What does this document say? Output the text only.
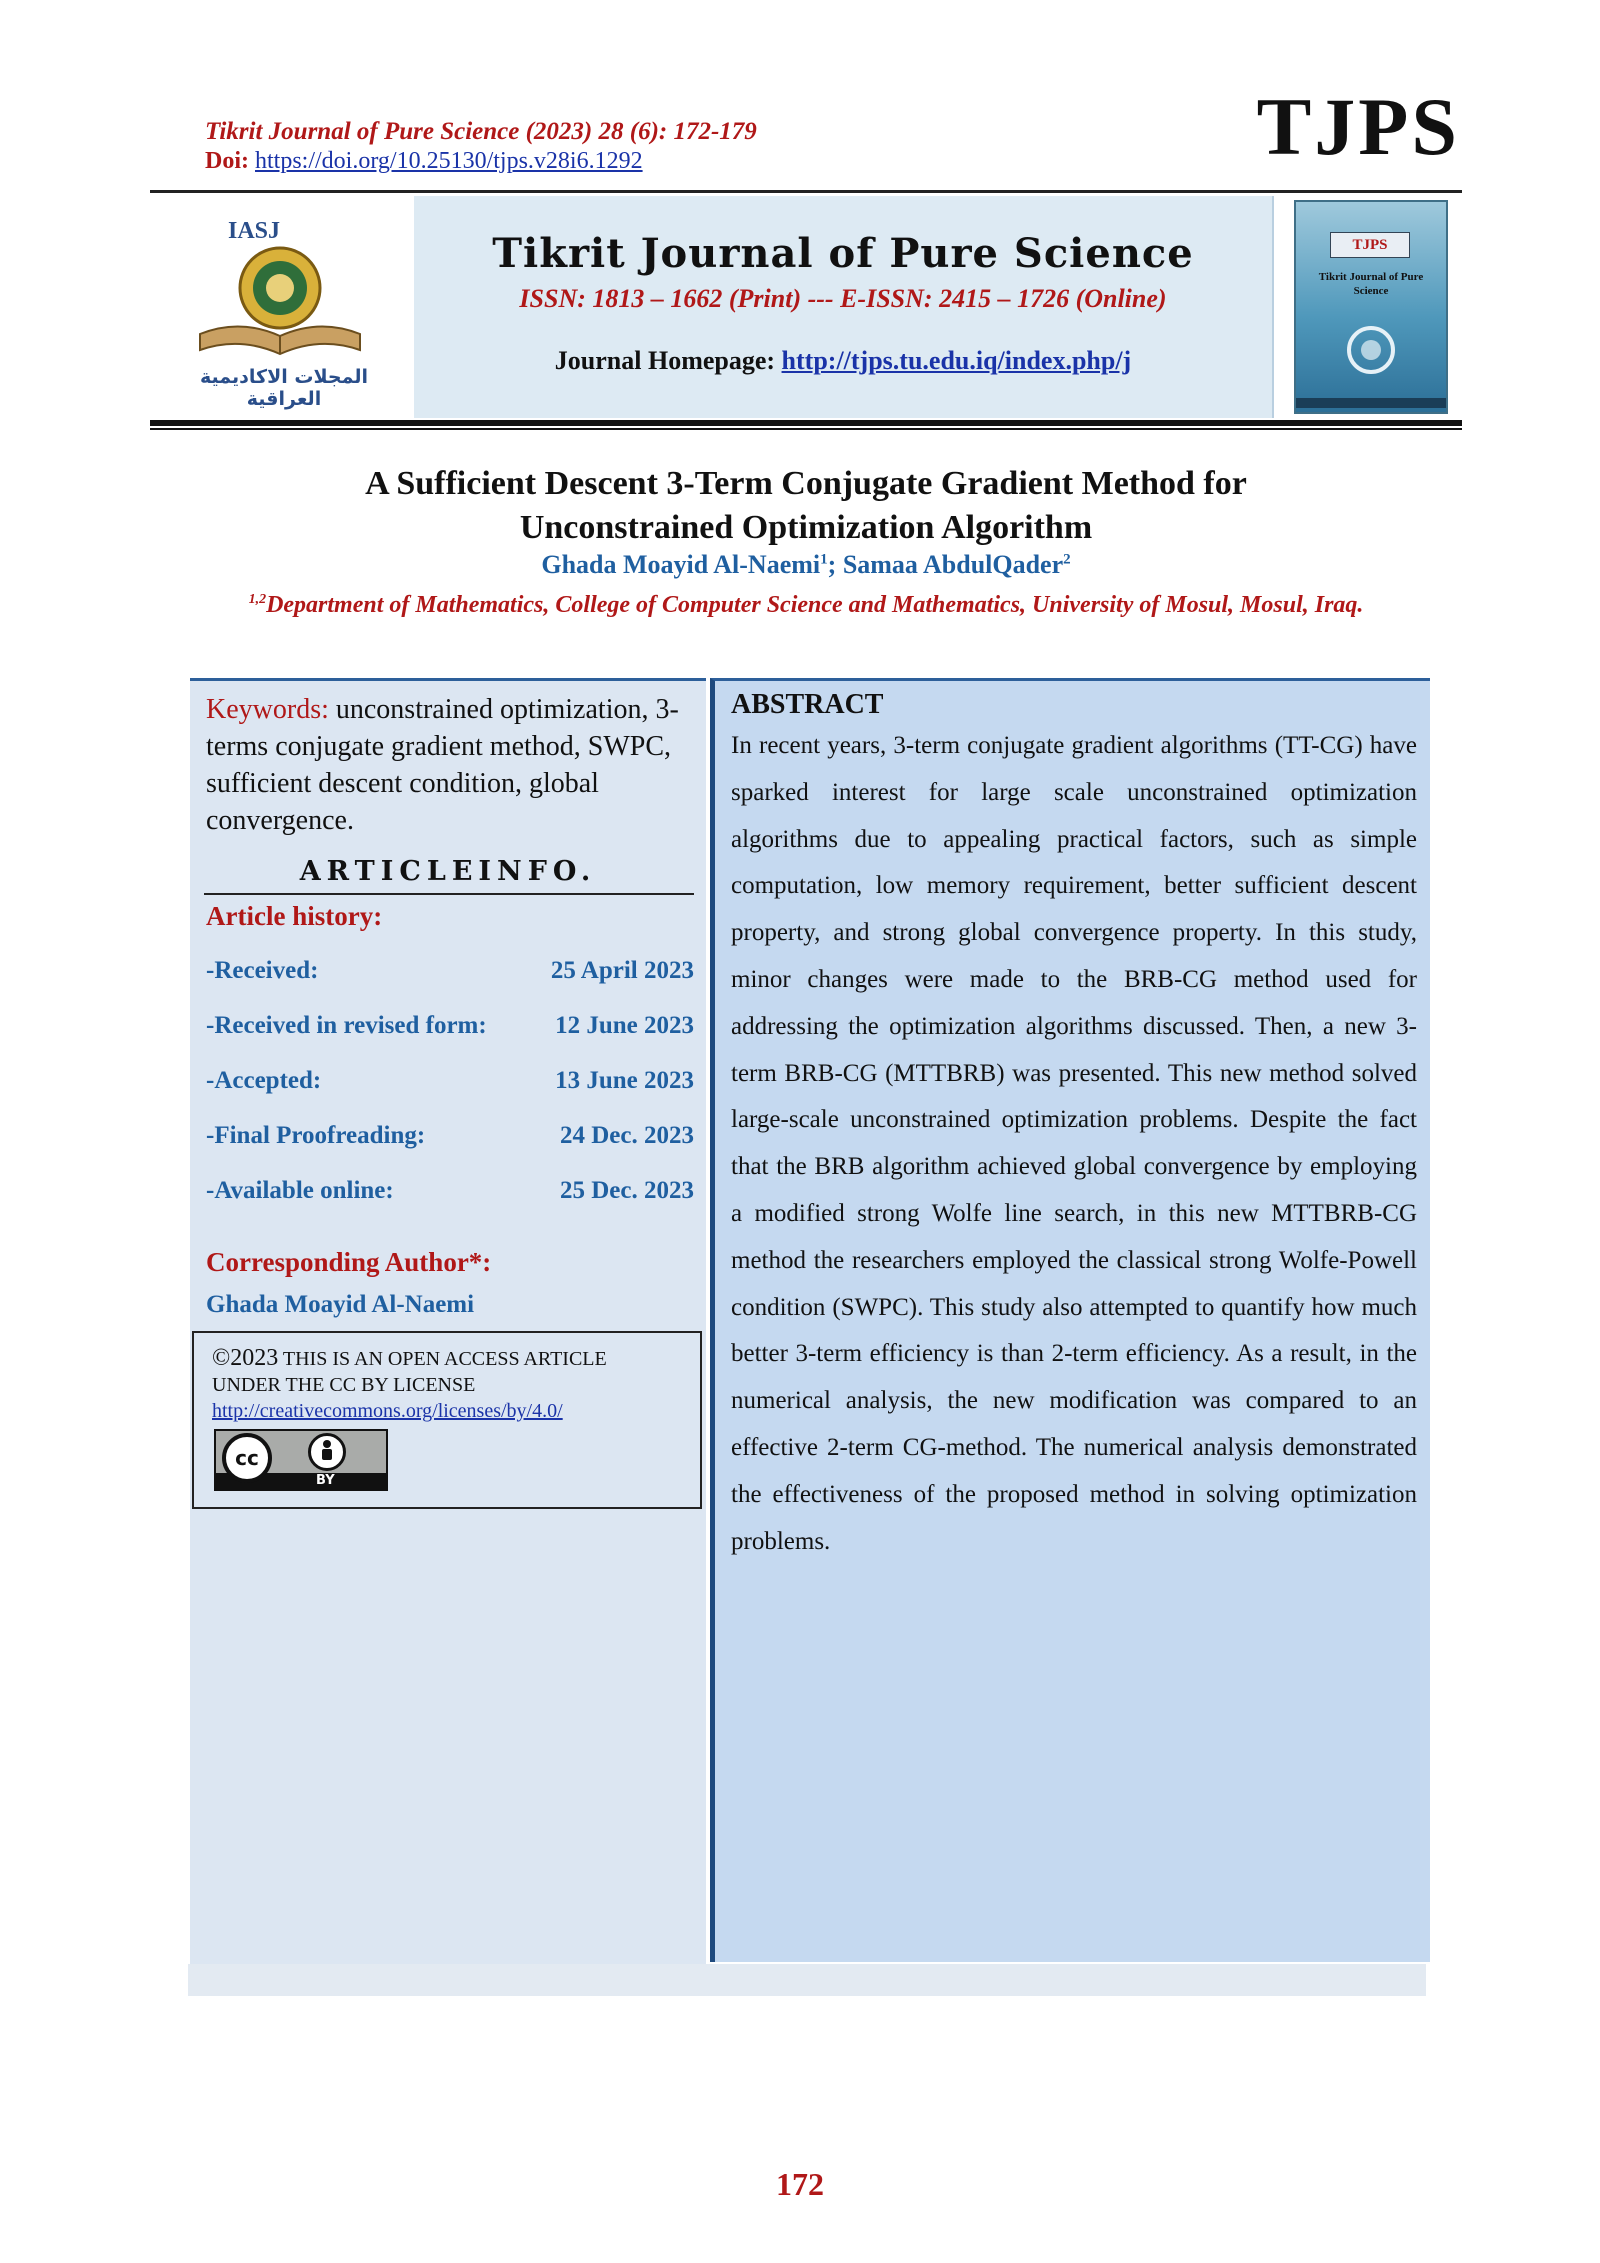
Tikrit Journal of Pure Science (2023) 28 (6): 172-179
Doi: https://doi.org/10.25130/tjps.v28i6.1292	TJPS
IASJ
المجلات الاكاديمية العراقية
Tikrit Journal of Pure Science
ISSN: 1813 – 1662 (Print) --- E-ISSN: 2415 – 1726 (Online)
Journal Homepage: http://tjps.tu.edu.iq/index.php/j
TJPS
Tikrit Journal of Pure Science
A Sufficient Descent 3-Term Conjugate Gradient Method for
Unconstrained Optimization Algorithm
Ghada Moayid Al-Naemi$^1$; Samaa AbdulQader$^2$
$^{1,2}$Department of Mathematics, College of Computer Science and Mathematics, University of Mosul, Mosul, Iraq.
Keywords: unconstrained optimization, 3-terms conjugate gradient method, SWPC, sufficient descent condition, global convergence.
ARTICLEINFO.
Article history:
-Received:	25 April 2023
-Received in revised form:	12 June 2023
-Accepted:	13 June 2023
-Final Proofreading:	24 Dec. 2023
-Available online:	25 Dec. 2023
Corresponding Author*:
Ghada Moayid Al-Naemi
©2023 THIS IS AN OPEN ACCESS ARTICLE
UNDER THE CC BY LICENSE
http://creativecommons.org/licenses/by/4.0/
cc
BY
ABSTRACT
In recent years, 3-term conjugate gradient algorithms (TT-CG) have sparked interest for large scale unconstrained optimization algorithms due to appealing practical factors, such as simple computation, low memory requirement, better sufficient descent property, and strong global convergence property. In this study, minor changes were made to the BRB-CG method used for addressing the optimization algorithms discussed. Then, a new 3-term BRB-CG (MTTBRB) was presented. This new method solved large-scale unconstrained optimization problems. Despite the fact that the BRB algorithm achieved global convergence by employing a modified strong Wolfe line search, in this new MTTBRB-CG method the researchers employed the classical strong Wolfe-Powell condition (SWPC). This study also attempted to quantify how much better 3-term efficiency is than 2-term efficiency. As a result, in the numerical analysis, the new modification was compared to an effective 2-term CG-method. The numerical analysis demonstrated the effectiveness of the proposed method in solving optimization problems.
172
